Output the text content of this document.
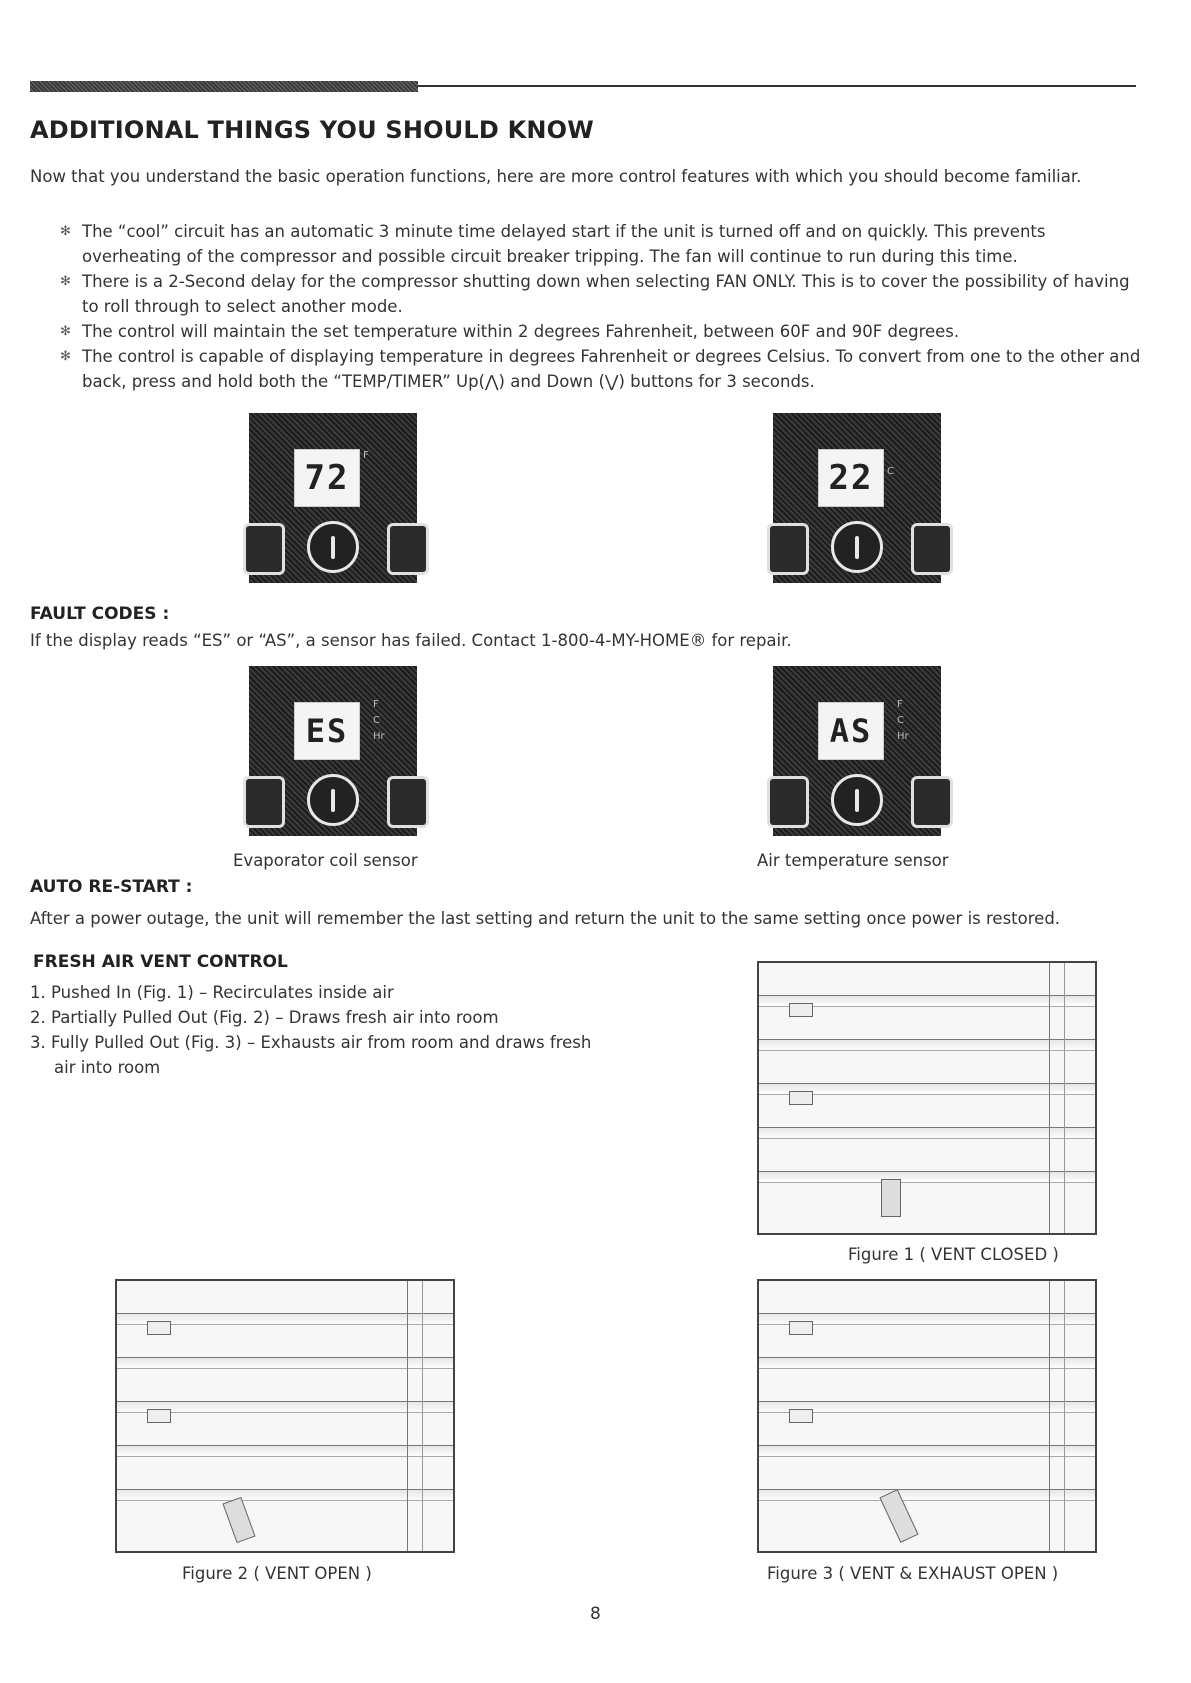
ADDITIONAL THINGS YOU SHOULD KNOW
Now that you understand the basic operation functions, here are more control features with which you should become familiar.
✻ The “cool” circuit has an automatic 3 minute time delayed start if the unit is turned off and on quickly. This prevents overheating of the compressor and possible circuit breaker tripping. The fan will continue to run during this time.
✻ There is a 2-Second delay for the compressor shutting down when selecting FAN ONLY. This is to cover the possibility of having to roll through to select another mode.
✻ The control will maintain the set temperature within 2 degrees Fahrenheit, between 60F and 90F degrees.
✻ The control is capable of displaying temperature in degrees Fahrenheit or degrees Celsius. To convert from one to the other and back, press and hold both the “TEMP/TIMER” Up(⋀) and Down (⋁) buttons for 3 seconds.
72
F
22	C
FAULT CODES :
If the display reads “ES” or “AS”, a sensor has failed. Contact 1-800-4-MY-HOME® for repair.
ES
F
C
Hr	AS
F
C
Hr
Evaporator coil sensor	Air temperature sensor
AUTO RE-START :
After a power outage, the unit will remember the last setting and return the unit to the same setting once power is restored.
FRESH AIR VENT CONTROL
1. Pushed In (Fig. 1) – Recirculates inside air
2. Partially Pulled Out (Fig. 2) – Draws fresh air into room
3. Fully Pulled Out (Fig. 3) – Exhausts air from room and draws fresh
air into room
Figure 1 ( VENT CLOSED )
Figure 2 ( VENT OPEN )	Figure 3 ( VENT & EXHAUST OPEN )
8
